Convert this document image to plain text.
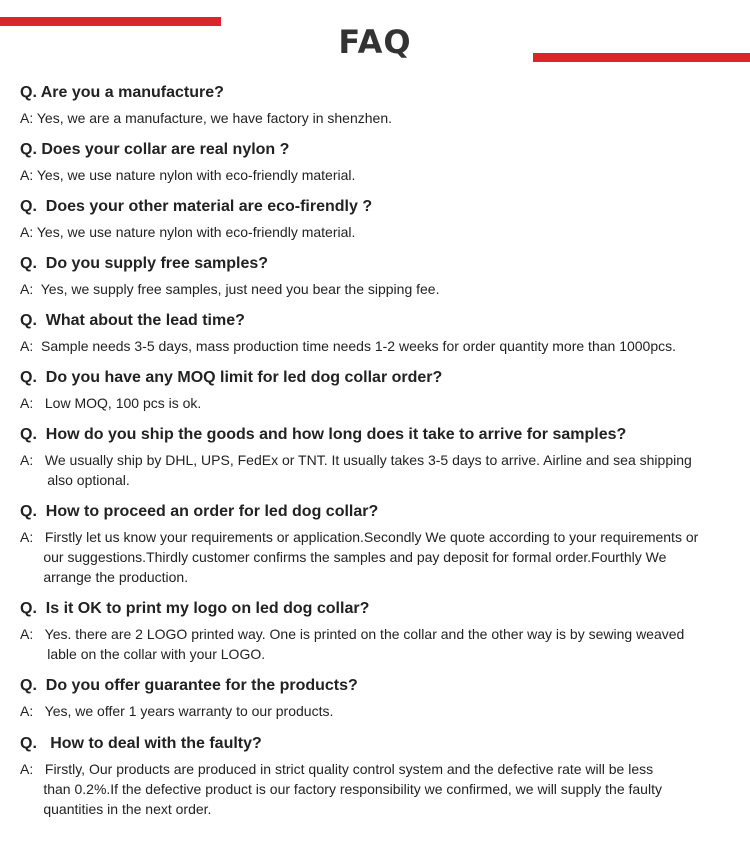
FAQ

Q. Are you a manufacture?

A: Yes, we are a manufacture, we have factory in shenzhen.

Q. Does your collar are real nylon ?

A: Yes, we use nature nylon with eco-friendly material.

Q.  Does your other material are eco-firendly ?

A: Yes, we use nature nylon with eco-friendly material.

Q.  Do you supply free samples?

A:  Yes, we supply free samples, just need you bear the sipping fee.

Q.  What about the lead time?

A:  Sample needs 3-5 days, mass production time needs 1-2 weeks for order quantity more than 1000pcs.

Q.  Do you have any MOQ limit for led dog collar order?

A:   Low MOQ, 100 pcs is ok.

Q.  How do you ship the goods and how long does it take to arrive for samples?

A:   We usually ship by DHL, UPS, FedEx or TNT. It usually takes 3-5 days to arrive. Airline and sea shipping
also optional.

Q.  How to proceed an order for led dog collar?

A:   Firstly let us know your requirements or application.Secondly We quote according to your requirements or
our suggestions.Thirdly customer confirms the samples and pay deposit for formal order.Fourthly We
arrange the production.

Q.  Is it OK to print my logo on led dog collar?

A:   Yes. there are 2 LOGO printed way. One is printed on the collar and the other way is by sewing weaved
lable on the collar with your LOGO.

Q.  Do you offer guarantee for the products?

A:   Yes, we offer 1 years warranty to our products.

Q.   How to deal with the faulty?

A:   Firstly, Our products are produced in strict quality control system and the defective rate will be less
than 0.2%.If the defective product is our factory responsibility we confirmed, we will supply the faulty
quantities in the next order.
